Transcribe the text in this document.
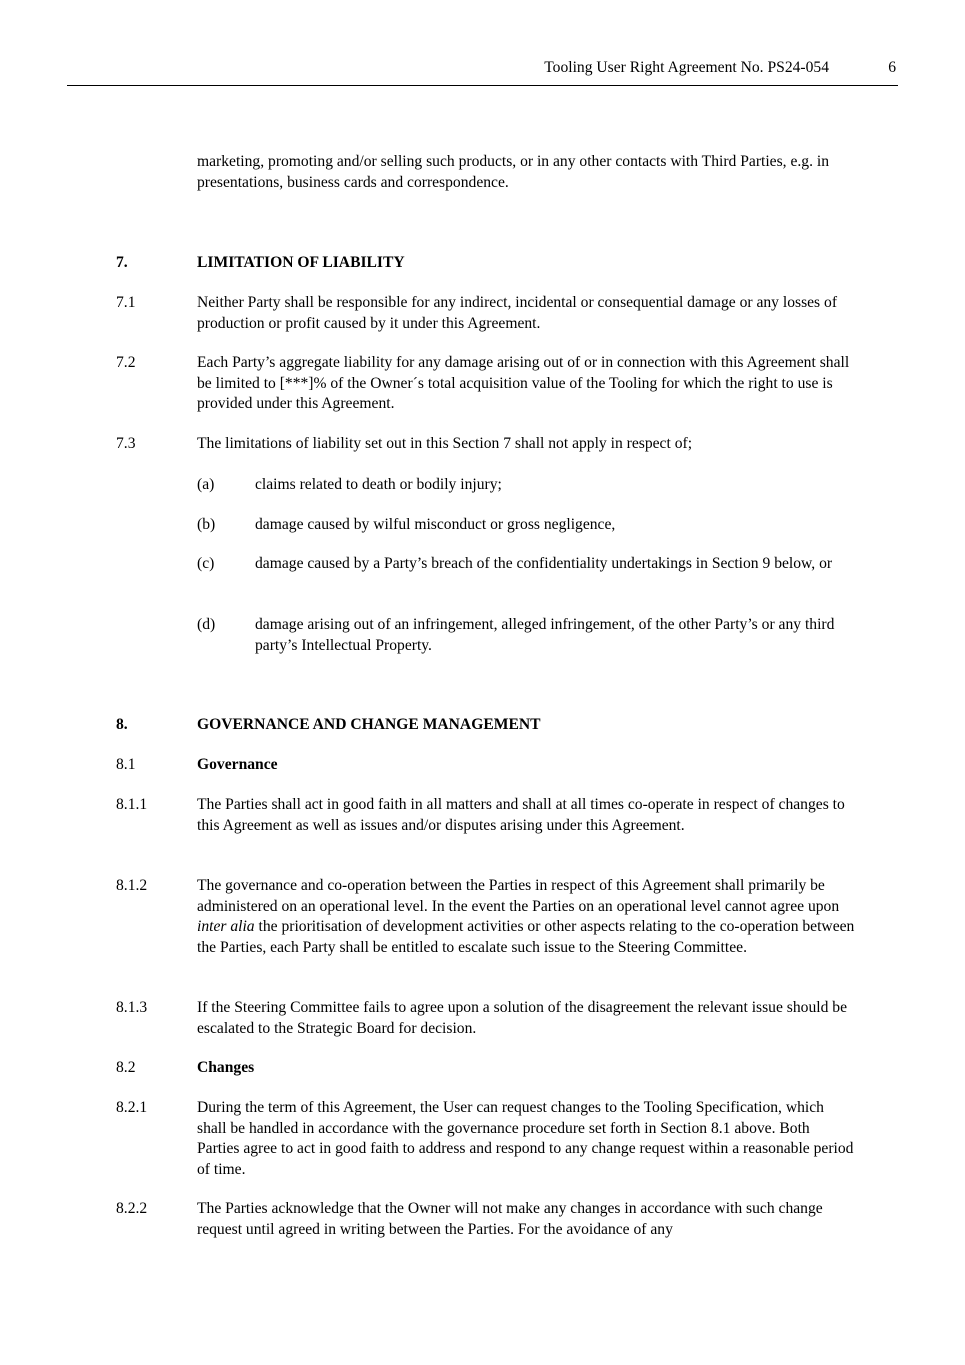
Tooling User Right Agreement No. PS24-054	6
marketing, promoting and/or selling such products, or in any other contacts with Third Parties, e.g. in presentations, business cards and correspondence.
7.	LIMITATION OF LIABILITY
7.1	Neither Party shall be responsible for any indirect, incidental or consequential damage or any losses of production or profit caused by it under this Agreement.
7.2	Each Party’s aggregate liability for any damage arising out of or in connection with this Agreement shall be limited to [***]% of the Owner´s total acquisition value of the Tooling for which the right to use is provided under this Agreement.
7.3	The limitations of liability set out in this Section 7 shall not apply in respect of;
(a)	claims related to death or bodily injury;
(b)	damage caused by wilful misconduct or gross negligence,
(c)	damage caused by a Party’s breach of the confidentiality undertakings in Section 9 below, or
(d)	damage arising out of an infringement, alleged infringement, of the other Party’s or any third party’s Intellectual Property.
8.	GOVERNANCE AND CHANGE MANAGEMENT
8.1	Governance
8.1.1	The Parties shall act in good faith in all matters and shall at all times co-operate in respect of changes to this Agreement as well as issues and/or disputes arising under this Agreement.
8.1.2	The governance and co-operation between the Parties in respect of this Agreement shall primarily be administered on an operational level. In the event the Parties on an operational level cannot agree upon inter alia the prioritisation of development activities or other aspects relating to the co-operation between the Parties, each Party shall be entitled to escalate such issue to the Steering Committee.
8.1.3	If the Steering Committee fails to agree upon a solution of the disagreement the relevant issue should be escalated to the Strategic Board for decision.
8.2	Changes
8.2.1	During the term of this Agreement, the User can request changes to the Tooling Specification, which shall be handled in accordance with the governance procedure set forth in Section 8.1 above. Both Parties agree to act in good faith to address and respond to any change request within a reasonable period of time.
8.2.2	The Parties acknowledge that the Owner will not make any changes in accordance with such change request until agreed in writing between the Parties. For the avoidance of any
